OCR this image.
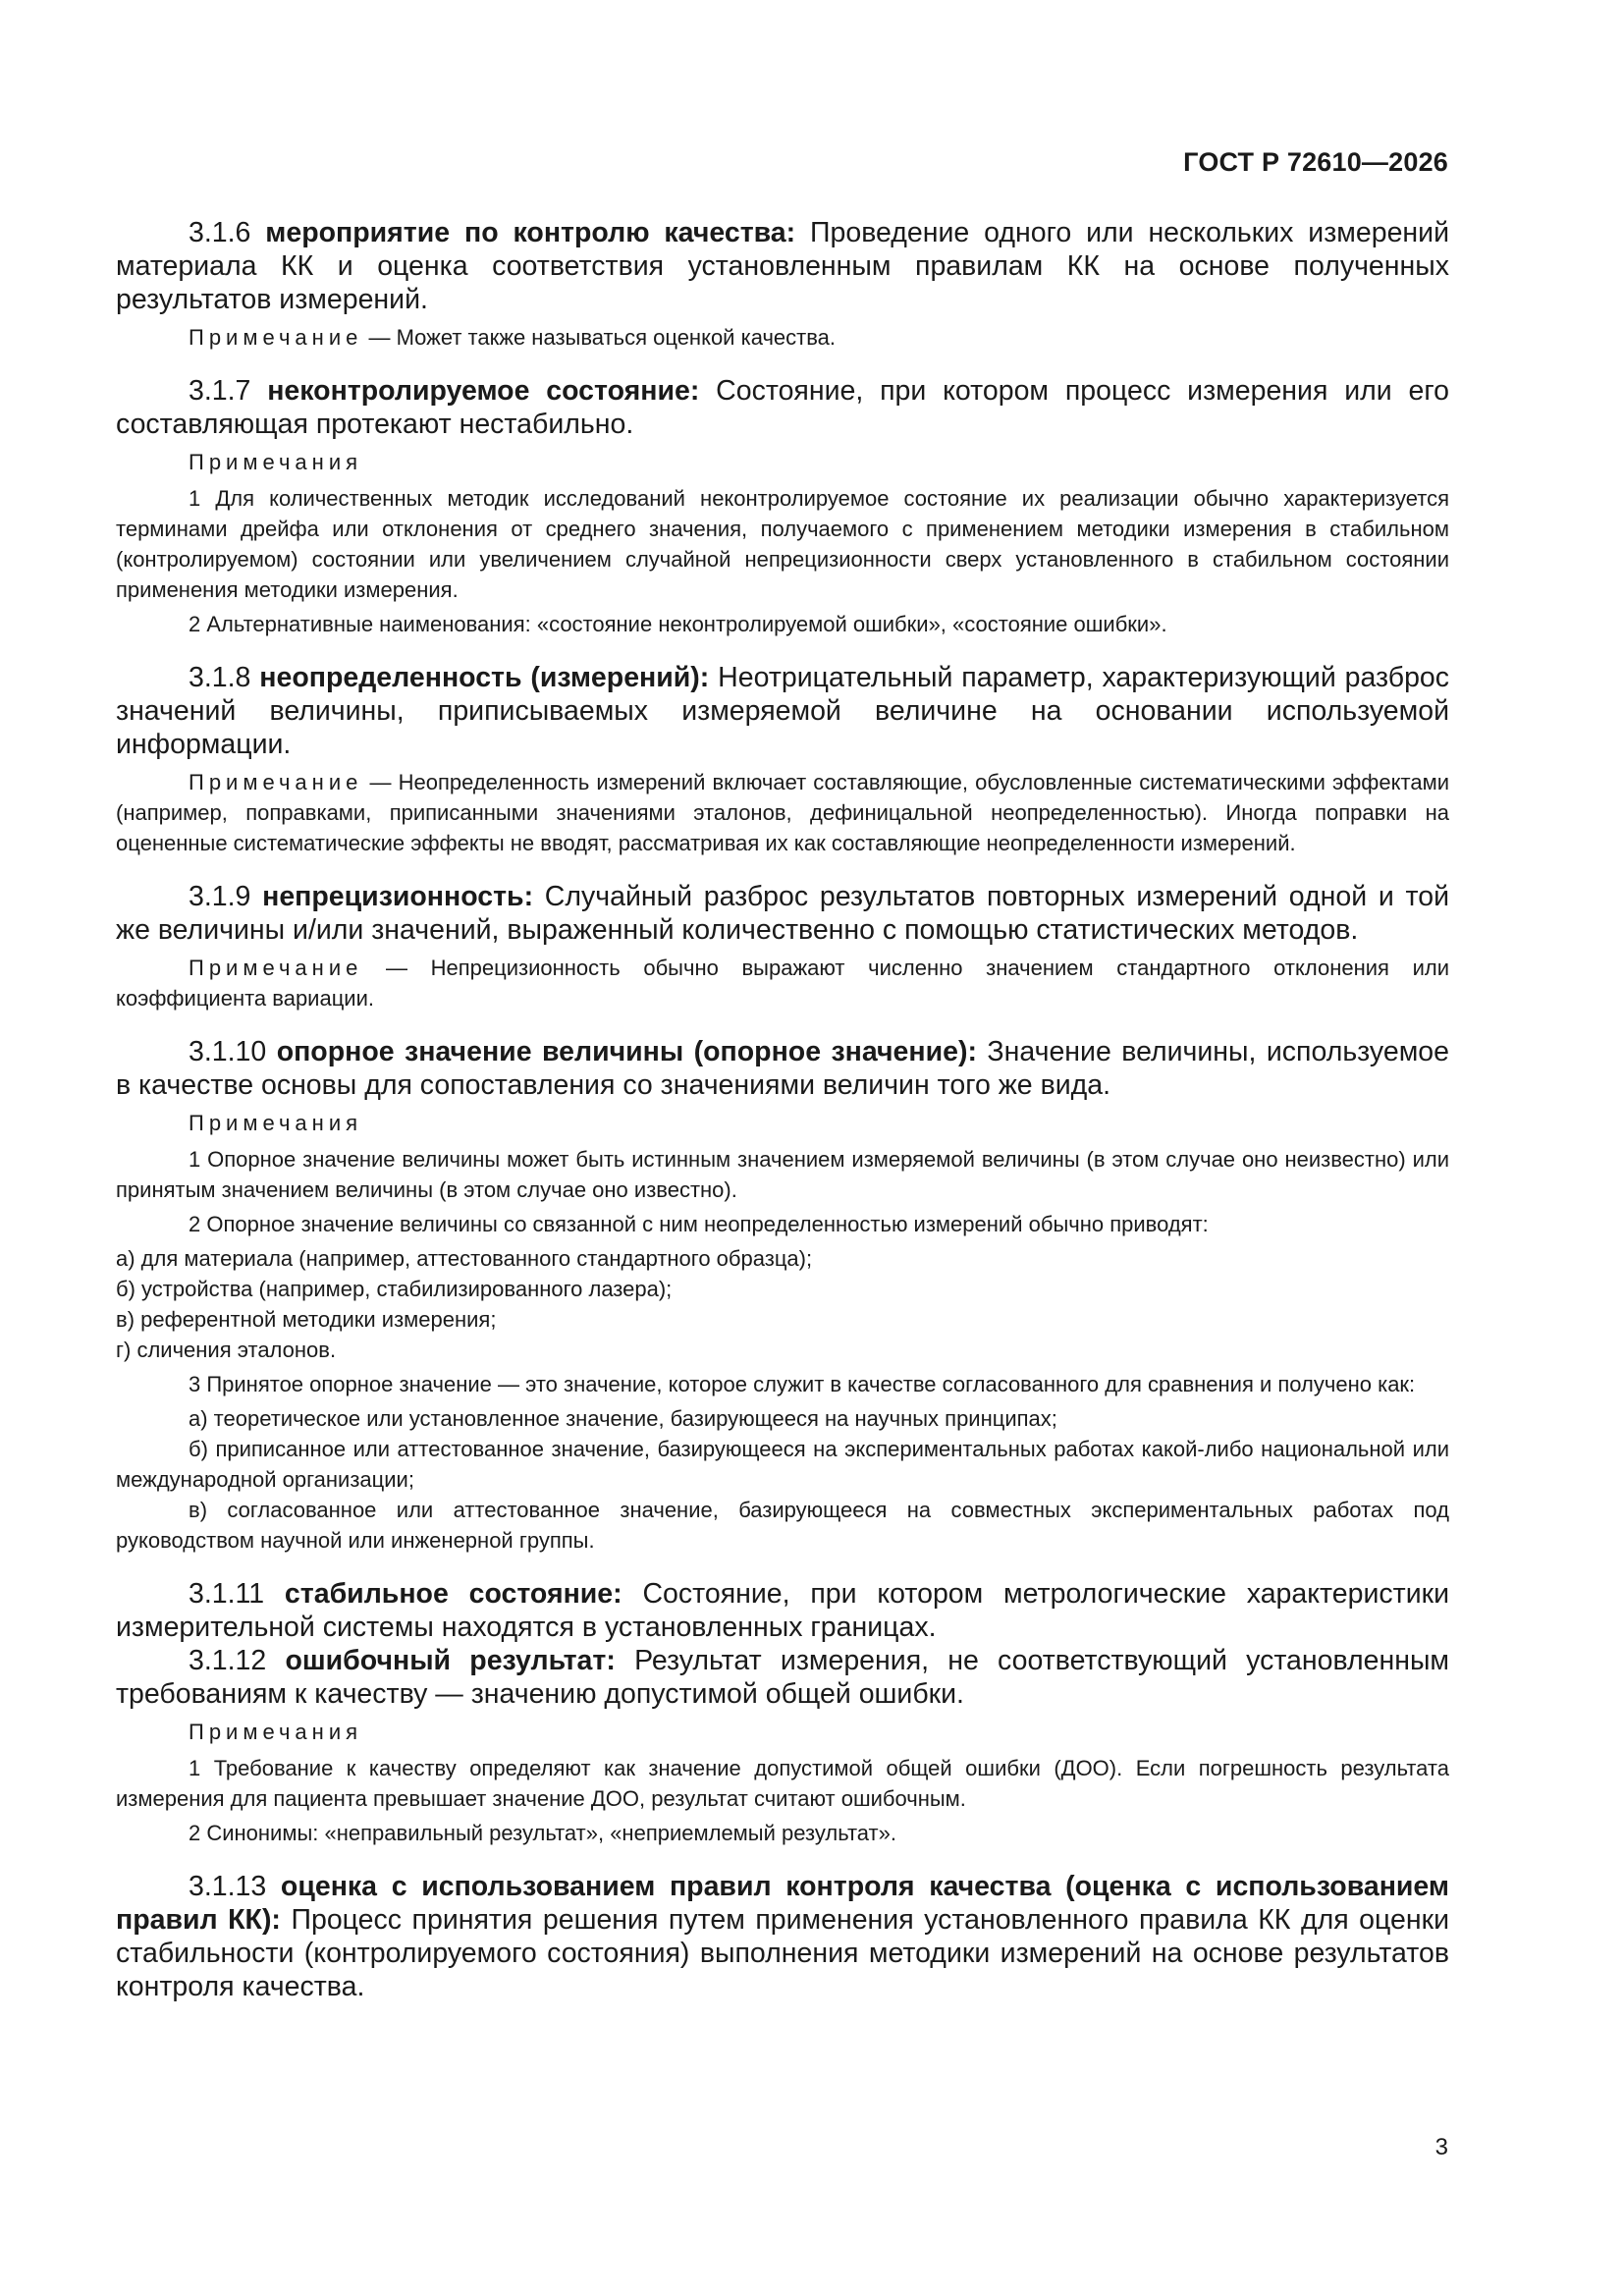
ГОСТ Р 72610—2026

3.1.6 мероприятие по контролю качества: Проведение одного или нескольких измерений материала КК и оценка соответствия установленным правилам КК на основе полученных результатов измерений.

Примечание — Может также называться оценкой качества.

3.1.7 неконтролируемое состояние: Состояние, при котором процесс измерения или его составляющая протекают нестабильно.

Примечания

1 Для количественных методик исследований неконтролируемое состояние их реализации обычно характеризуется терминами дрейфа или отклонения от среднего значения, получаемого с применением методики измерения в стабильном (контролируемом) состоянии или увеличением случайной непрецизионности сверх установленного в стабильном состоянии применения методики измерения.

2 Альтернативные наименования: «состояние неконтролируемой ошибки», «состояние ошибки».

3.1.8 неопределенность (измерений): Неотрицательный параметр, характеризующий разброс значений величины, приписываемых измеряемой величине на основании используемой информации.

Примечание — Неопределенность измерений включает составляющие, обусловленные систематическими эффектами (например, поправками, приписанными значениями эталонов, дефиницальной неопределенностью). Иногда поправки на оцененные систематические эффекты не вводят, рассматривая их как составляющие неопределенности измерений.

3.1.9 непрецизионность: Случайный разброс результатов повторных измерений одной и той же величины и/или значений, выраженный количественно с помощью статистических методов.

Примечание — Непрецизионность обычно выражают численно значением стандартного отклонения или коэффициента вариации.

3.1.10 опорное значение величины (опорное значение): Значение величины, используемое в качестве основы для сопоставления со значениями величин того же вида.

Примечания

1 Опорное значение величины может быть истинным значением измеряемой величины (в этом случае оно неизвестно) или принятым значением величины (в этом случае оно известно).

2 Опорное значение величины со связанной с ним неопределенностью измерений обычно приводят:

а) для материала (например, аттестованного стандартного образца);

б) устройства (например, стабилизированного лазера);

в) референтной методики измерения;

г) сличения эталонов.

3 Принятое опорное значение — это значение, которое служит в качестве согласованного для сравнения и получено как:

а) теоретическое или установленное значение, базирующееся на научных принципах;

б) приписанное или аттестованное значение, базирующееся на экспериментальных работах какой-либо национальной или международной организации;

в) согласованное или аттестованное значение, базирующееся на совместных экспериментальных работах под руководством научной или инженерной группы.

3.1.11 стабильное состояние: Состояние, при котором метрологические характеристики измерительной системы находятся в установленных границах.

3.1.12 ошибочный результат: Результат измерения, не соответствующий установленным требованиям к качеству — значению допустимой общей ошибки.

Примечания

1 Требование к качеству определяют как значение допустимой общей ошибки (ДОО). Если погрешность результата измерения для пациента превышает значение ДОО, результат считают ошибочным.

2 Синонимы: «неправильный результат», «неприемлемый результат».

3.1.13 оценка с использованием правил контроля качества (оценка с использованием правил КК): Процесс принятия решения путем применения установленного правила КК для оценки стабильности (контролируемого состояния) выполнения методики измерений на основе результатов контроля качества.

3
